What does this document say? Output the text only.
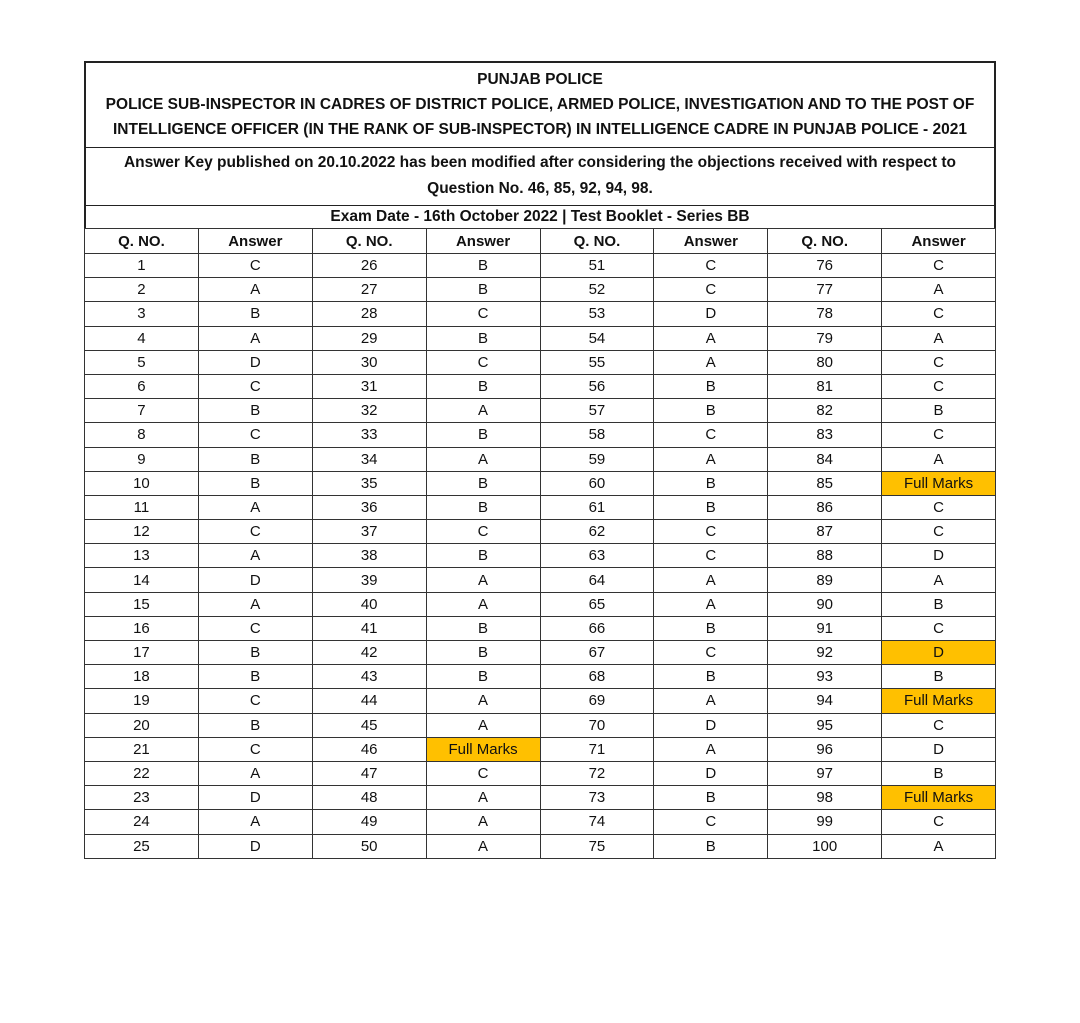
PUNJAB POLICE
POLICE SUB-INSPECTOR IN CADRES OF DISTRICT POLICE, ARMED POLICE, INVESTIGATION AND TO THE POST OF
INTELLIGENCE OFFICER (IN THE RANK OF SUB-INSPECTOR) IN INTELLIGENCE CADRE IN PUNJAB POLICE - 2021
Answer Key published on 20.10.2022 has been modified after considering the objections received with respect to
Question No. 46, 85, 92, 94, 98.
Exam Date - 16th October 2022 | Test Booklet - Series BB
Q. NO.	Answer	Q. NO.	Answer	Q. NO.	Answer	Q. NO.	Answer
1	C	26	B	51	C	76	C
2	A	27	B	52	C	77	A
3	B	28	C	53	D	78	C
4	A	29	B	54	A	79	A
5	D	30	C	55	A	80	C
6	C	31	B	56	B	81	C
7	B	32	A	57	B	82	B
8	C	33	B	58	C	83	C
9	B	34	A	59	A	84	A
10	B	35	B	60	B	85	Full Marks
11	A	36	B	61	B	86	C
12	C	37	C	62	C	87	C
13	A	38	B	63	C	88	D
14	D	39	A	64	A	89	A
15	A	40	A	65	A	90	B
16	C	41	B	66	B	91	C
17	B	42	B	67	C	92	D
18	B	43	B	68	B	93	B
19	C	44	A	69	A	94	Full Marks
20	B	45	A	70	D	95	C
21	C	46	Full Marks	71	A	96	D
22	A	47	C	72	D	97	B
23	D	48	A	73	B	98	Full Marks
24	A	49	A	74	C	99	C
25	D	50	A	75	B	100	A
